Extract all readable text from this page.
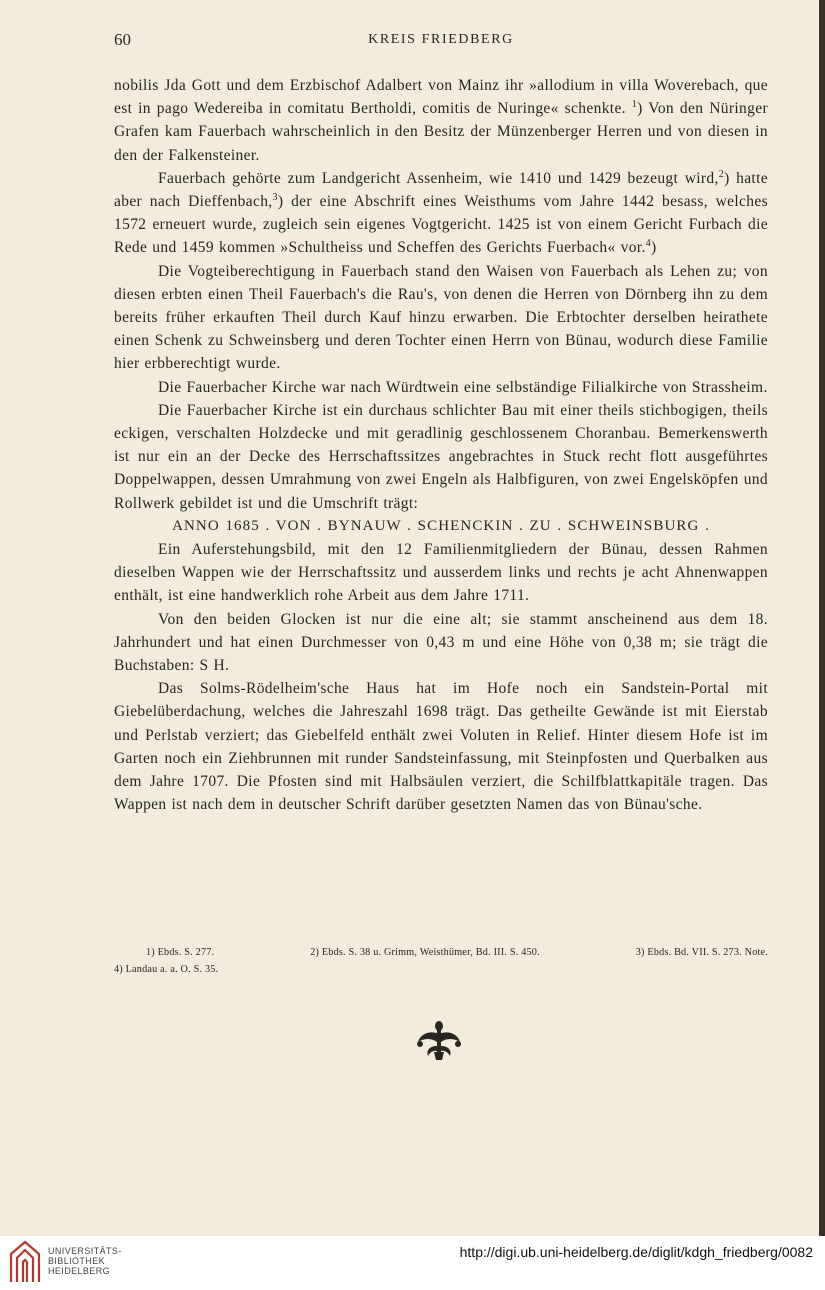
60	KREIS FRIEDBERG

nobilis Jda Gott und dem Erzbischof Adalbert von Mainz ihr »allodium in villa Woverebach, que est in pago Wedereiba in comitatu Bertholdi, comitis de Nuringe« schenkte. $^1$) Von den Nüringer Grafen kam Fauerbach wahrscheinlich in den Besitz der Münzenberger Herren und von diesen in den der Falkensteiner.

Fauerbach gehörte zum Landgericht Assenheim, wie 1410 und 1429 bezeugt wird,$^2$) hatte aber nach Dieffenbach,$^3$) der eine Abschrift eines Weisthums vom Jahre 1442 besass, welches 1572 erneuert wurde, zugleich sein eigenes Vogtgericht. 1425 ist von einem Gericht Furbach die Rede und 1459 kommen »Schultheiss und Scheffen des Gerichts Fuerbach« vor.$^4$)

Die Vogteiberechtigung in Fauerbach stand den Waisen von Fauerbach als Lehen zu; von diesen erbten einen Theil Fauerbach's die Rau's, von denen die Herren von Dörnberg ihn zu dem bereits früher erkauften Theil durch Kauf hinzu erwarben. Die Erbtochter derselben heirathete einen Schenk zu Schweinsberg und deren Tochter einen Herrn von Bünau, wodurch diese Familie hier erbberechtigt wurde.

Die Fauerbacher Kirche war nach Würdtwein eine selbständige Filialkirche von Strassheim.

Die Fauerbacher Kirche ist ein durchaus schlichter Bau mit einer theils stichbogigen, theils eckigen, verschalten Holzdecke und mit geradlinig geschlossenem Choranbau. Bemerkenswerth ist nur ein an der Decke des Herrschaftssitzes angebrachtes in Stuck recht flott ausgeführtes Doppelwappen, dessen Umrahmung von zwei Engeln als Halbfiguren, von zwei Engelsköpfen und Rollwerk gebildet ist und die Umschrift trägt:

ANNO 1685 . VON . BYNAUW . SCHENCKIN . ZU . SCHWEINSBURG .

Ein Auferstehungsbild, mit den 12 Familienmitgliedern der Bünau, dessen Rahmen dieselben Wappen wie der Herrschaftssitz und ausserdem links und rechts je acht Ahnenwappen enthält, ist eine handwerklich rohe Arbeit aus dem Jahre 1711.

Von den beiden Glocken ist nur die eine alt; sie stammt anscheinend aus dem 18. Jahrhundert und hat einen Durchmesser von 0,43 m und eine Höhe von 0,38 m; sie trägt die Buchstaben: S H.

Das Solms-Rödelheim'sche Haus hat im Hofe noch ein Sandstein-Portal mit Giebelüberdachung, welches die Jahreszahl 1698 trägt. Das getheilte Gewände ist mit Eierstab und Perlstab verziert; das Giebelfeld enthält zwei Voluten in Relief. Hinter diesem Hofe ist im Garten noch ein Ziehbrunnen mit runder Sandsteinfassung, mit Steinpfosten und Querbalken aus dem Jahre 1707. Die Pfosten sind mit Halbsäulen verziert, die Schilfblattkapitäle tragen. Das Wappen ist nach dem in deutscher Schrift darüber gesetzten Namen das von Bünau'sche.

1) Ebds. S. 277.	2) Ebds. S. 38 u. Grimm, Weisthümer, Bd. III. S. 450.	3) Ebds. Bd. VII. S. 273. Note.
4) Landau a. a. O. S. 35.
UNIVERSITÄTS-
BIBLIOTHEK
HEIDELBERG
http://digi.ub.uni-heidelberg.de/diglit/kdgh_friedberg/0082
